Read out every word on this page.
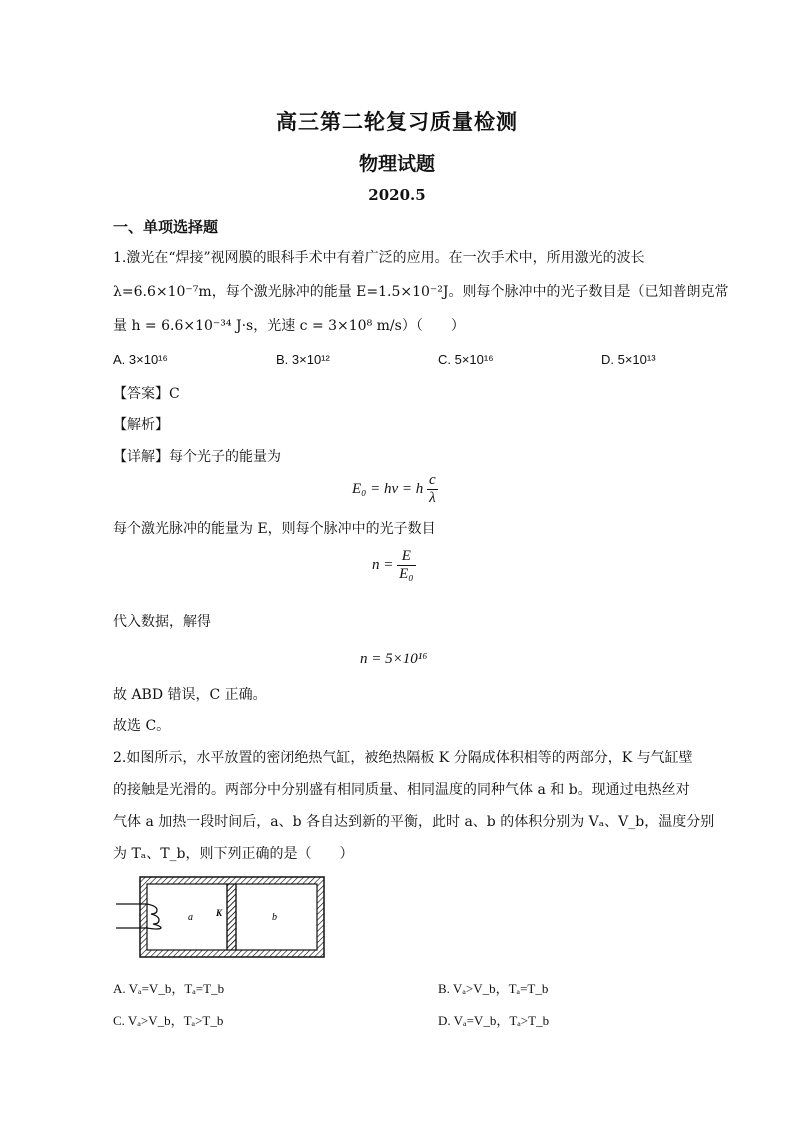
高三第二轮复习质量检测
物理试题
2020.5
一、单项选择题
1.激光在“焊接”视网膜的眼科手术中有着广泛的应用。在一次手术中，所用激光的波长
λ=6.6×10⁻⁷m，每个激光脉冲的能量 E=1.5×10⁻²J。则每个脉冲中的光子数目是（已知普朗克常
量 h = 6.6×10⁻³⁴ J·s，光速 c = 3×10⁸ m/s）（　　）
A. 3×10¹⁶	B. 3×10¹²	C. 5×10¹⁶	D. 5×10¹³
【答案】C
【解析】
【详解】每个光子的能量为
E₀ = hν = h $\frac{c}{\lambda}$
每个激光脉冲的能量为 E，则每个脉冲中的光子数目
$n = \frac{E}{\text{E₀}}$
代入数据，解得
n = 5×10¹⁶
故 ABD 错误，C 正确。
故选 C。
2.如图所示，水平放置的密闭绝热气缸，被绝热隔板 K 分隔成体积相等的两部分，K 与气缸壁
的接触是光滑的。两部分中分别盛有相同质量、相同温度的同种气体 a 和 b。现通过电热丝对
气体 a 加热一段时间后，a、b 各自达到新的平衡，此时 a、b 的体积分别为 Vₐ、V_b，温度分别
为 Tₐ、T_b，则下列正确的是（　　）
a	K	b
A. Vₐ=V_b，Tₐ=T_b	B. Vₐ>V_b，Tₐ=T_b
C. Vₐ>V_b，Tₐ>T_b	D. Vₐ=V_b，Tₐ>T_b
